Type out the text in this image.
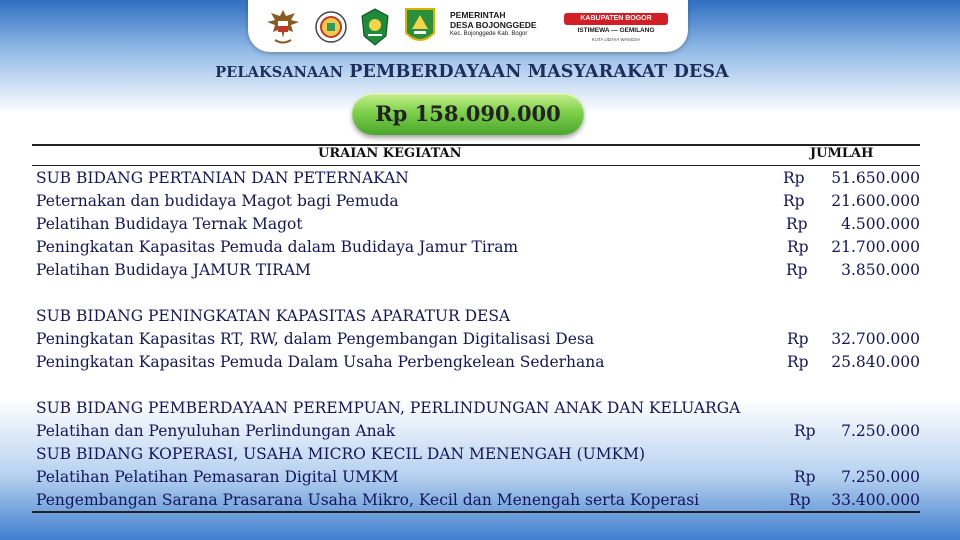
PEMERINTAH
DESA BOJONGGEDE
Kec. Bojonggede Kab. Bogor
KABUPATEN BOGOR
ISTIMEWA — GEMILANG
KUTA UDAYA WANGSA
PELAKSANAAN PEMBERDAYAAN MASYARAKAT DESA
Rp 158.090.000
URAIAN KEGIATAN	JUMLAH
SUB BIDANG PERTANIAN DAN PETERNAKAN	Rp	51.650.000
Peternakan dan budidaya Magot bagi Pemuda	Rp	21.600.000
Pelatihan Budidaya Ternak Magot	Rp	4.500.000
Peningkatan Kapasitas Pemuda dalam Budidaya Jamur Tiram	Rp	21.700.000
Pelatihan Budidaya JAMUR TIRAM	Rp	3.850.000
SUB BIDANG PENINGKATAN KAPASITAS APARATUR DESA
Peningkatan Kapasitas RT, RW, dalam Pengembangan Digitalisasi Desa	Rp	32.700.000
Peningkatan Kapasitas Pemuda Dalam Usaha Perbengkelean Sederhana	Rp	25.840.000
SUB BIDANG PEMBERDAYAAN PEREMPUAN, PERLINDUNGAN ANAK DAN KELUARGA
Pelatihan dan Penyuluhan Perlindungan Anak	Rp	7.250.000
SUB BIDANG KOPERASI, USAHA MICRO KECIL DAN MENENGAH (UMKM)
Pelatihan Pelatihan Pemasaran Digital UMKM	Rp	7.250.000
Pengembangan Sarana Prasarana Usaha Mikro, Kecil dan Menengah serta Koperasi	Rp	33.400.000
